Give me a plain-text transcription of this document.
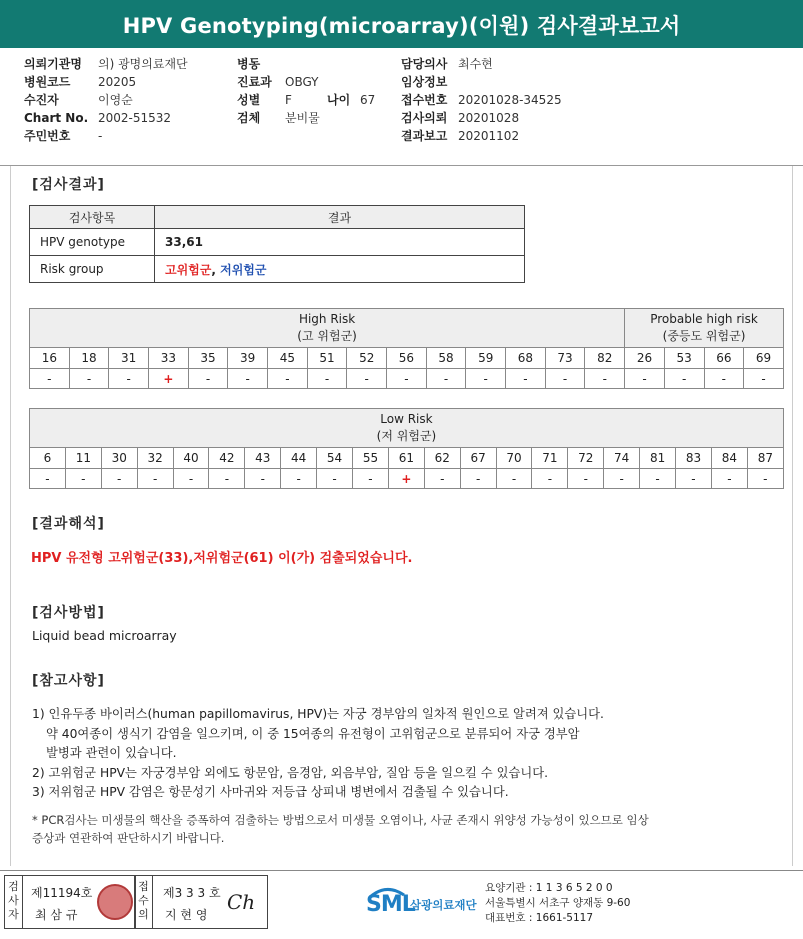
HPV Genotyping(microarray)(이원) 검사결과보고서
의뢰기관명 의) 광명의료재단
병원코드 20205
수진자	이영순
Chart No. 2002-51532
주민번호 -
병동
진료과 OBGY
성별 F	나이 67
검체 분비물
담당의사 최수현
임상정보
접수번호 20201028-34525
검사의뢰 20201028
결과보고 20201102
[검사결과]
검사항목	결과
HPV genotype	33,61
Risk group	고위험군, 저위험군
High Risk
(고 위험군)															Probable high risk
(중등도 위험군)			
16	18	31	33	35	39	45	51	52	56	58	59	68	73	82	26	53	66	69
-	-	-	+	-	-	-	-	-	-	-	-	-	-	-	-	-	-	-
Low Risk
(저 위험군)																				
6	11	30	32	40	42	43	44	54	55	61	62	67	70	71	72	74	81	83	84	87
-	-	-	-	-	-	-	-	-	-	+	-	-	-	-	-	-	-	-	-	-
[결과해석]
HPV 유전형 고위험군(33),저위험군(61) 이(가) 검출되었습니다.
[검사방법]
Liquid bead microarray
[참고사항]
1) 인유두종 바이러스(human papillomavirus, HPV)는 자궁 경부암의 일차적 원인으로 알려져 있습니다.
약 40여종이 생식기 감염을 일으키며, 이 중 15여종의 유전형이 고위험군으로 분류되어 자궁 경부암
발병과 관련이 있습니다.
2) 고위험군 HPV는 자궁경부암 외에도 항문암, 음경암, 외음부암, 질암 등을 일으킬 수 있습니다.
3) 저위험군 HPV 감염은 항문성기 사마귀와 저등급 상피내 병변에서 검출될 수 있습니다.
* PCR검사는 미생물의 핵산을 증폭하여 검출하는 방법으로서 미생물 오염이나, 사균 존재시 위양성 가능성이 있으므로 임상
증상과 연관하여 판단하시기 바랍니다.
검사자
제11194호
최 삼 규
접수의
제3 3 3 호
지 현 영
Ch	SML
삼광의료재단
요양기관 : 1 1 3 6 5 2 0 0
서울특별시 서초구 양재동 9-60
대표번호 : 1661-5117
